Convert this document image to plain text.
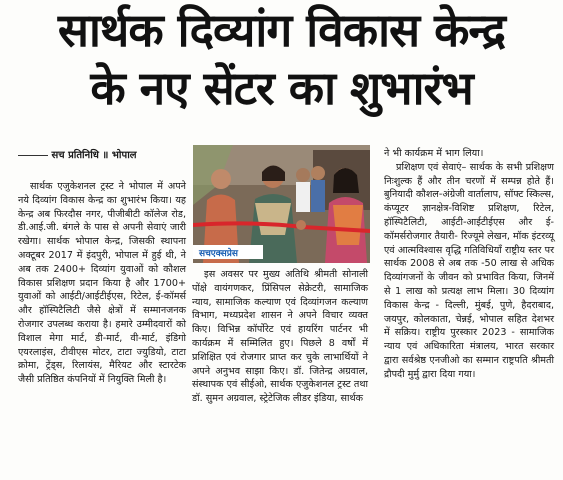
सार्थक दिव्यांग विकास केन्द्र
के नए सेंटर का शुभारंभ
सच प्रतिनिधि ॥ भोपाल
सचएक्सप्रेस

सार्थक एजुकेशनल ट्रस्ट ने भोपाल में अपने नये दिव्यांग विकास केन्द्र का शुभारंभ किया। यह केन्द्र अब फिरदौस नगर, पीजीबीटी कॉलेज रोड, डी.आई.जी. बंगले के पास से अपनी सेवाएं जारी रखेगा। सार्थक भोपाल केन्द्र, जिसकी स्थापना अक्टूबर 2017 में इंदपुरी, भोपाल में हुई थी, ने अब तक 2400+ दिव्यांग युवाओं को कौशल विकास प्रशिक्षण प्रदान किया है और 1700+ युवाओं को आईटी/आईटीईएस, रिटेल, ई-कॉमर्स और हॉस्पिटैलिटी जैसे क्षेत्रों में सम्मानजनक रोजगार उपलब्ध कराया है। हमारे उम्मीदवारों को विशाल मेगा मार्ट, डी-मार्ट, वी-मार्ट, इंडिगो एयरलाइंस, टीवीएस मोटर, टाटा ज्युडियो, टाटा क्रोमा, ट्रेंड्स, रिलायंस, मैरियट और स्टारटेक जैसी प्रतिष्ठित कंपनियों में नियुक्ति मिली है।

इस अवसर पर मुख्य अतिथि श्रीमती सोनाली पोंक्षे वायंगणकर, प्रिंसिपल सेक्रेटरी, सामाजिक न्याय, सामाजिक कल्याण एवं दिव्यांगजन कल्याण विभाग, मध्यप्रदेश शासन ने अपने विचार व्यक्त किए। विभिन्न कॉर्पोरेट एवं हायरिंग पार्टनर भी कार्यक्रम में सम्मिलित हुए। पिछले 8 वर्षों में प्रशिक्षित एवं रोजगार प्राप्त कर चुके लाभार्थियों ने अपने अनुभव साझा किए। डॉ. जितेन्द्र अग्रवाल, संस्थापक एवं सीईओ, सार्थक एजुकेशनल ट्रस्ट तथा डॉ. सुमन अग्रवाल, स्ट्रेटेजिक लीडर इंडिया, सार्थक

ने भी कार्यक्रम में भाग लिया।

प्रशिक्षण एवं सेवाएं– सार्थक के सभी प्रशिक्षण निःशुल्क हैं और तीन चरणों में सम्पन्न होते हैं। बुनियादी कौशल-अंग्रेजी वार्तालाप, सॉफ्ट स्किल्स, कंप्यूटर ज्ञानक्षेत्र-विशिष्ट प्रशिक्षण, रिटेल, हॉस्पिटैलिटी, आईटी-आईटीईएस और ई-कॉमर्सरोजगार तैयारी- रिज्यूमे लेखन, मॉक इंटरव्यू एवं आत्मविश्वास वृद्धि गतिविधियाँ राष्ट्रीय स्तर पर सार्थक 2008 से अब तक -50 लाख से अधिक दिव्यांगजनों के जीवन को प्रभावित किया, जिनमें से 1 लाख को प्रत्यक्ष लाभ मिला। 30 दिव्यांग विकास केन्द्र - दिल्ली, मुंबई, पुणे, हैदराबाद, जयपुर, कोलकाता, चेन्नई, भोपाल सहित देशभर में सक्रिय। राष्ट्रीय पुरस्कार 2023 - सामाजिक न्याय एवं अधिकारिता मंत्रालय, भारत सरकार द्वारा सर्वश्रेष्ठ एनजीओ का सम्मान राष्ट्रपति श्रीमती द्रौपदी मुर्मु द्वारा दिया गया।
